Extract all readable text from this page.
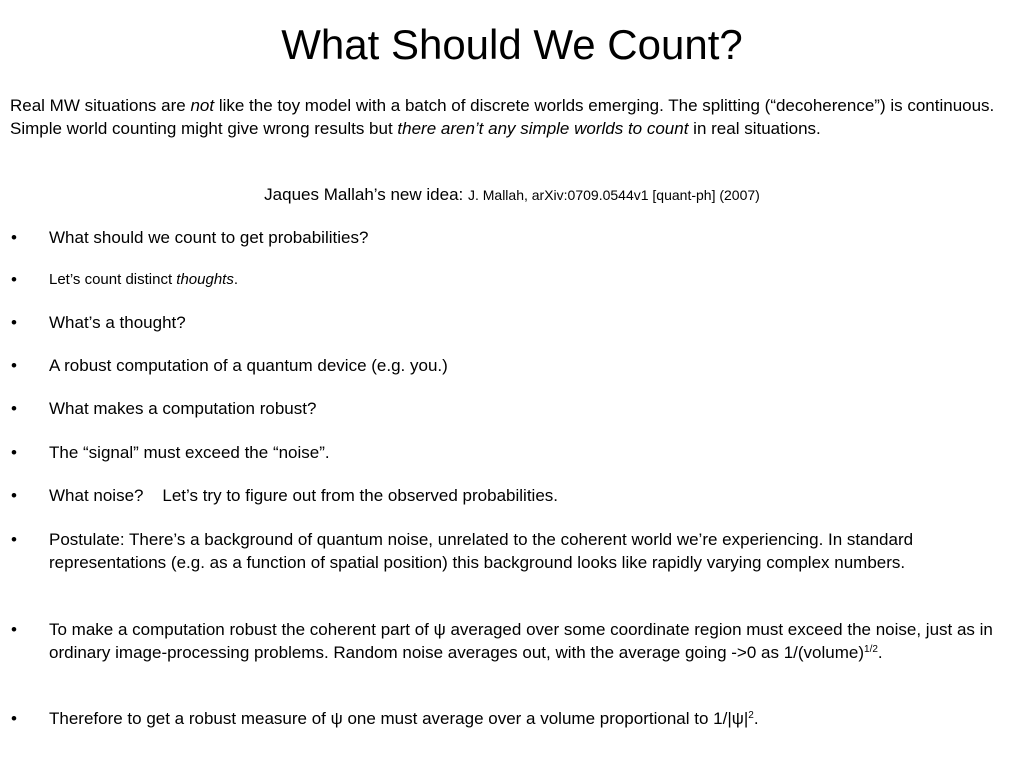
What Should We Count?
Real MW situations are not like the toy model with a batch of discrete worlds emerging. The splitting (“decoherence”) is continuous. Simple world counting might give wrong results but there aren’t any simple worlds to count in real situations.
Jaques Mallah’s new idea: J. Mallah, arXiv:0709.0544v1 [quant-ph] (2007)
• What should we count to get probabilities?
• Let’s count distinct thoughts.
• What’s a thought?
• A robust computation of a quantum device (e.g. you.)
• What makes a computation robust?
• The “signal” must exceed the “noise”.
• What noise?    Let’s try to figure out from the observed probabilities.
• Postulate: There’s a background of quantum noise, unrelated to the coherent world we’re experiencing. In standard representations (e.g. as a function of spatial position) this background looks like rapidly varying complex numbers.
• To make a computation robust the coherent part of ψ averaged over some coordinate region must exceed the noise, just as in ordinary image-processing problems. Random noise averages out, with the average going ->0 as 1/(volume)$^{1/2}$.
• Therefore to get a robust measure of ψ one must average over a volume proportional to $1/|\psi|^2$.
